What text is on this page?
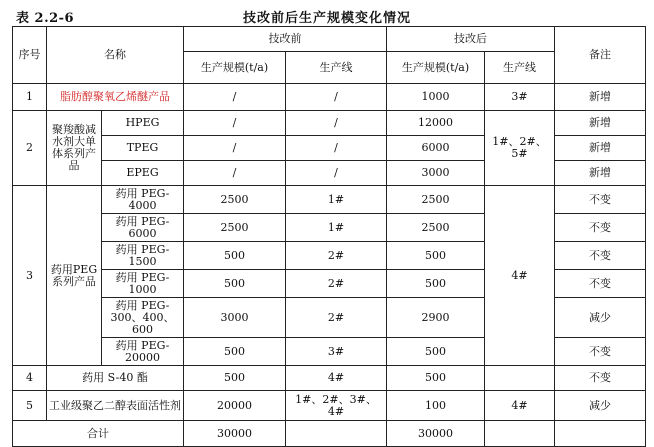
表 2.2-6	技改前后生产规模变化情况
序号	名称		技改前		技改后		备注
			生产规模(t/a)	生产线	生产规模(t/a)	生产线	
1	脂肪醇聚氧乙烯醚产品		/	/	1000	3#	新增
2	聚羧酸减水剂大单体系列产品	HPEG	/	/	12000	1#、2#、5#	新增
		TPEG	/	/	6000		新增
		EPEG	/	/	3000		新增
3	药用PEG系列产品	药用 PEG-4000	2500	1#	2500	4#	不变
		药用 PEG-6000	2500	1#	2500		不变
		药用 PEG-1500	500	2#	500		不变
		药用 PEG-1000	500	2#	500		不变
		药用 PEG-300、400、600	3000	2#	2900		减少
		药用 PEG-20000	500	3#	500		不变
4	药用 S-40 酯		500	4#	500		不变
5	工业级聚乙二醇表面活性剂		20000	1#、2#、3#、4#	100	4#	减少
合计			30000		30000		
